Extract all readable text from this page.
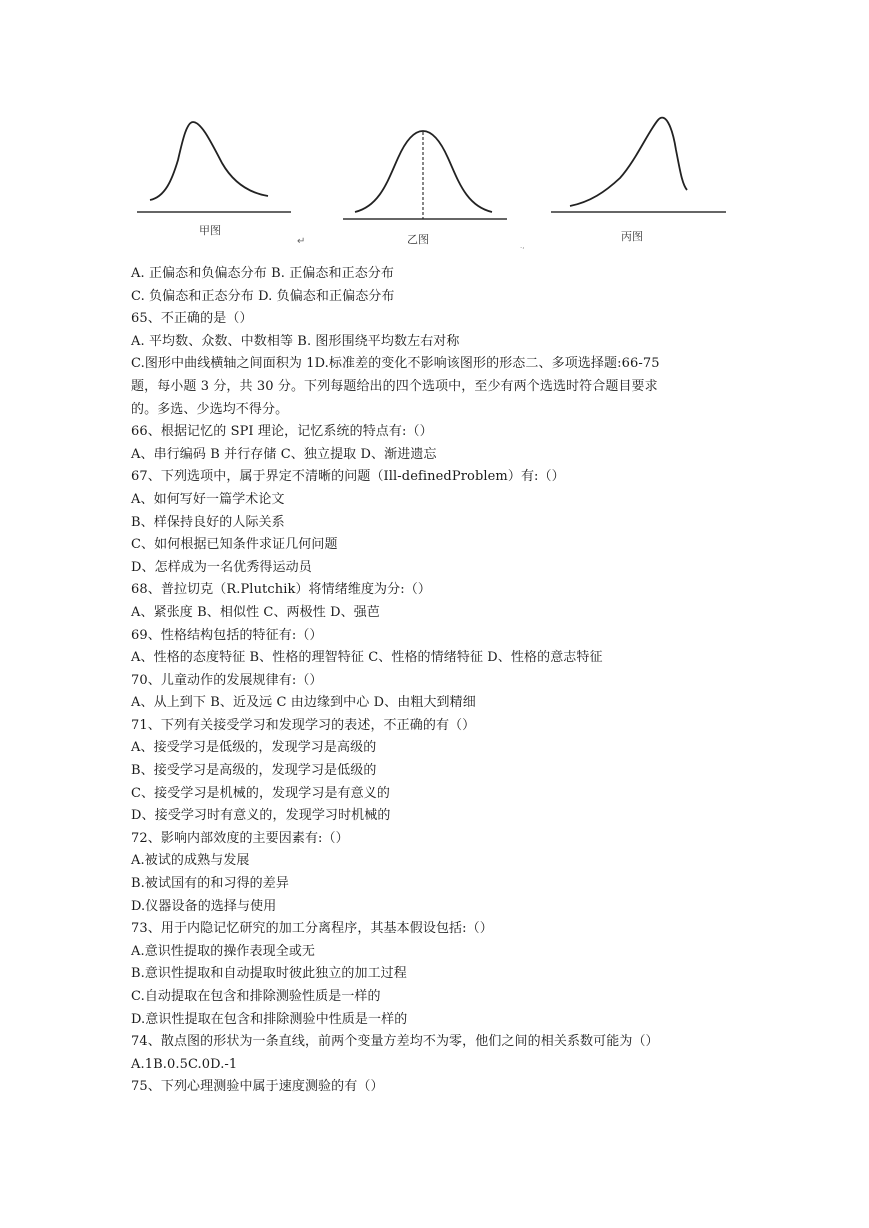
↵	.,
甲图
乙图	丙图
A. 正偏态和负偏态分布 B. 正偏态和正态分布
C. 负偏态和正态分布 D. 负偏态和正偏态分布
65、不正确的是（）
A. 平均数、众数、中数相等 B. 图形围绕平均数左右对称
C.图形中曲线横轴之间面积为 1D.标准差的变化不影响该图形的形态二、多项选择题:66-75
题，每小题 3 分，共 30 分。下列每题给出的四个选项中，至少有两个选选时符合题目要求
的。多选、少选均不得分。
66、根据记忆的 SPI 理论，记忆系统的特点有:（）
A、串行编码 B 并行存储 C、独立提取 D、渐进遗忘
67、下列选项中，属于界定不清晰的问题（Ill-definedProblem）有:（）
A、如何写好一篇学术论文
B、样保持良好的人际关系
C、如何根据已知条件求证几何问题
D、怎样成为一名优秀得运动员
68、普拉切克（R.Plutchik）将情绪维度为分:（）
A、紧张度 B、相似性 C、两极性 D、强芭
69、性格结构包括的特征有:（）
A、性格的态度特征 B、性格的理智特征 C、性格的情绪特征 D、性格的意志特征
70、儿童动作的发展规律有:（）
A、从上到下 B、近及远 C 由边缘到中心 D、由粗大到精细
71、下列有关接受学习和发现学习的表述，不正确的有（）
A、接受学习是低级的，发现学习是高级的
B、接受学习是高级的，发现学习是低级的
C、接受学习是机械的，发现学习是有意义的
D、接受学习时有意义的，发现学习时机械的
72、影响内部效度的主要因素有:（）
A.被试的成熟与发展
B.被试国有的和习得的差异
D.仪器设备的选择与使用
73、用于内隐记忆研究的加工分离程序，其基本假设包括:（）
A.意识性提取的操作表现全或无
B.意识性提取和自动提取时彼此独立的加工过程
C.自动提取在包含和排除测验性质是一样的
D.意识性提取在包含和排除测验中性质是一样的
74、散点图的形状为一条直线，前两个变量方差均不为零，他们之间的相关系数可能为（）
A.1B.0.5C.0D.-1
75、下列心理测验中属于速度测验的有（）
